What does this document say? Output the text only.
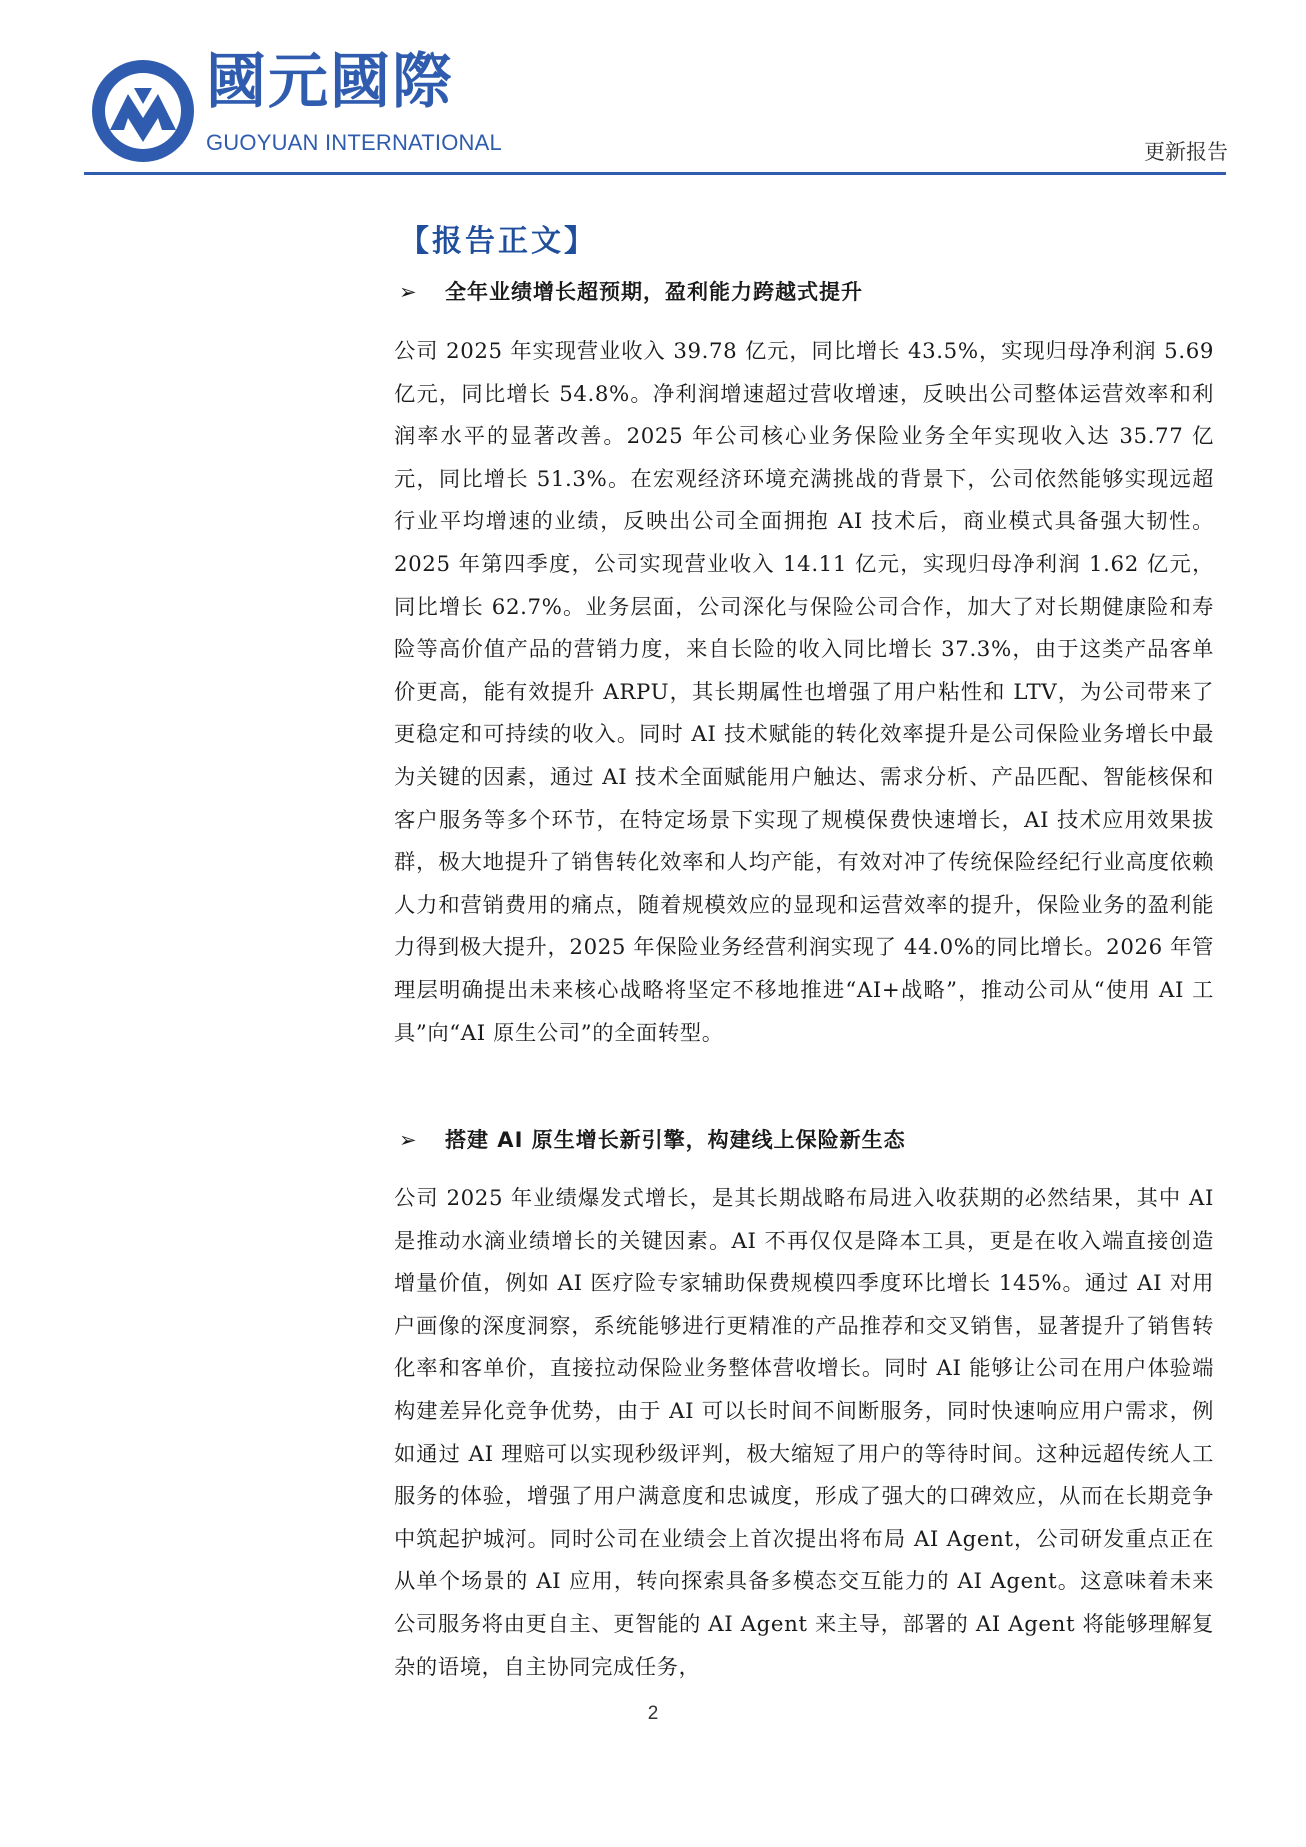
國元國際
GUOYUAN INTERNATIONAL	更新报告
【报告正文】
➢ 全年业绩增长超预期，盈利能力跨越式提升

公司 2025 年实现营业收入 39.78 亿元，同比增长 43.5%，实现归母净利润 5.69 亿元，同比增长 54.8%。净利润增速超过营收增速，反映出公司整体运营效率和利润率水平的显著改善。2025 年公司核心业务保险业务全年实现收入达 35.77 亿元，同比增长 51.3%。在宏观经济环境充满挑战的背景下，公司依然能够实现远超行业平均增速的业绩，反映出公司全面拥抱 AI 技术后，商业模式具备强大韧性。2025 年第四季度，公司实现营业收入 14.11 亿元，实现归母净利润 1.62 亿元，同比增长 62.7%。业务层面，公司深化与保险公司合作，加大了对长期健康险和寿险等高价值产品的营销力度，来自长险的收入同比增长 37.3%，由于这类产品客单价更高，能有效提升 ARPU，其长期属性也增强了用户粘性和 LTV，为公司带来了更稳定和可持续的收入。同时 AI 技术赋能的转化效率提升是公司保险业务增长中最为关键的因素，通过 AI 技术全面赋能用户触达、需求分析、产品匹配、智能核保和客户服务等多个环节，在特定场景下实现了规模保费快速增长，AI 技术应用效果拔群，极大地提升了销售转化效率和人均产能，有效对冲了传统保险经纪行业高度依赖人力和营销费用的痛点，随着规模效应的显现和运营效率的提升，保险业务的盈利能力得到极大提升，2025 年保险业务经营利润实现了 44.0%的同比增长。2026 年管理层明确提出未来核心战略将坚定不移地推进“AI+战略”，推动公司从“使用 AI 工具”向“AI 原生公司”的全面转型。

➢ 搭建 AI 原生增长新引擎，构建线上保险新生态

公司 2025 年业绩爆发式增长，是其长期战略布局进入收获期的必然结果，其中 AI 是推动水滴业绩增长的关键因素。AI 不再仅仅是降本工具，更是在收入端直接创造增量价值，例如 AI 医疗险专家辅助保费规模四季度环比增长 145%。通过 AI 对用户画像的深度洞察，系统能够进行更精准的产品推荐和交叉销售，显著提升了销售转化率和客单价，直接拉动保险业务整体营收增长。同时 AI 能够让公司在用户体验端构建差异化竞争优势，由于 AI 可以长时间不间断服务，同时快速响应用户需求，例如通过 AI 理赔可以实现秒级评判，极大缩短了用户的等待时间。这种远超传统人工服务的体验，增强了用户满意度和忠诚度，形成了强大的口碑效应，从而在长期竞争中筑起护城河。同时公司在业绩会上首次提出将布局 AI Agent，公司研发重点正在从单个场景的 AI 应用，转向探索具备多模态交互能力的 AI Agent。这意味着未来公司服务将由更自主、更智能的 AI Agent 来主导，部署的 AI Agent 将能够理解复杂的语境，自主协同完成任务，

2
